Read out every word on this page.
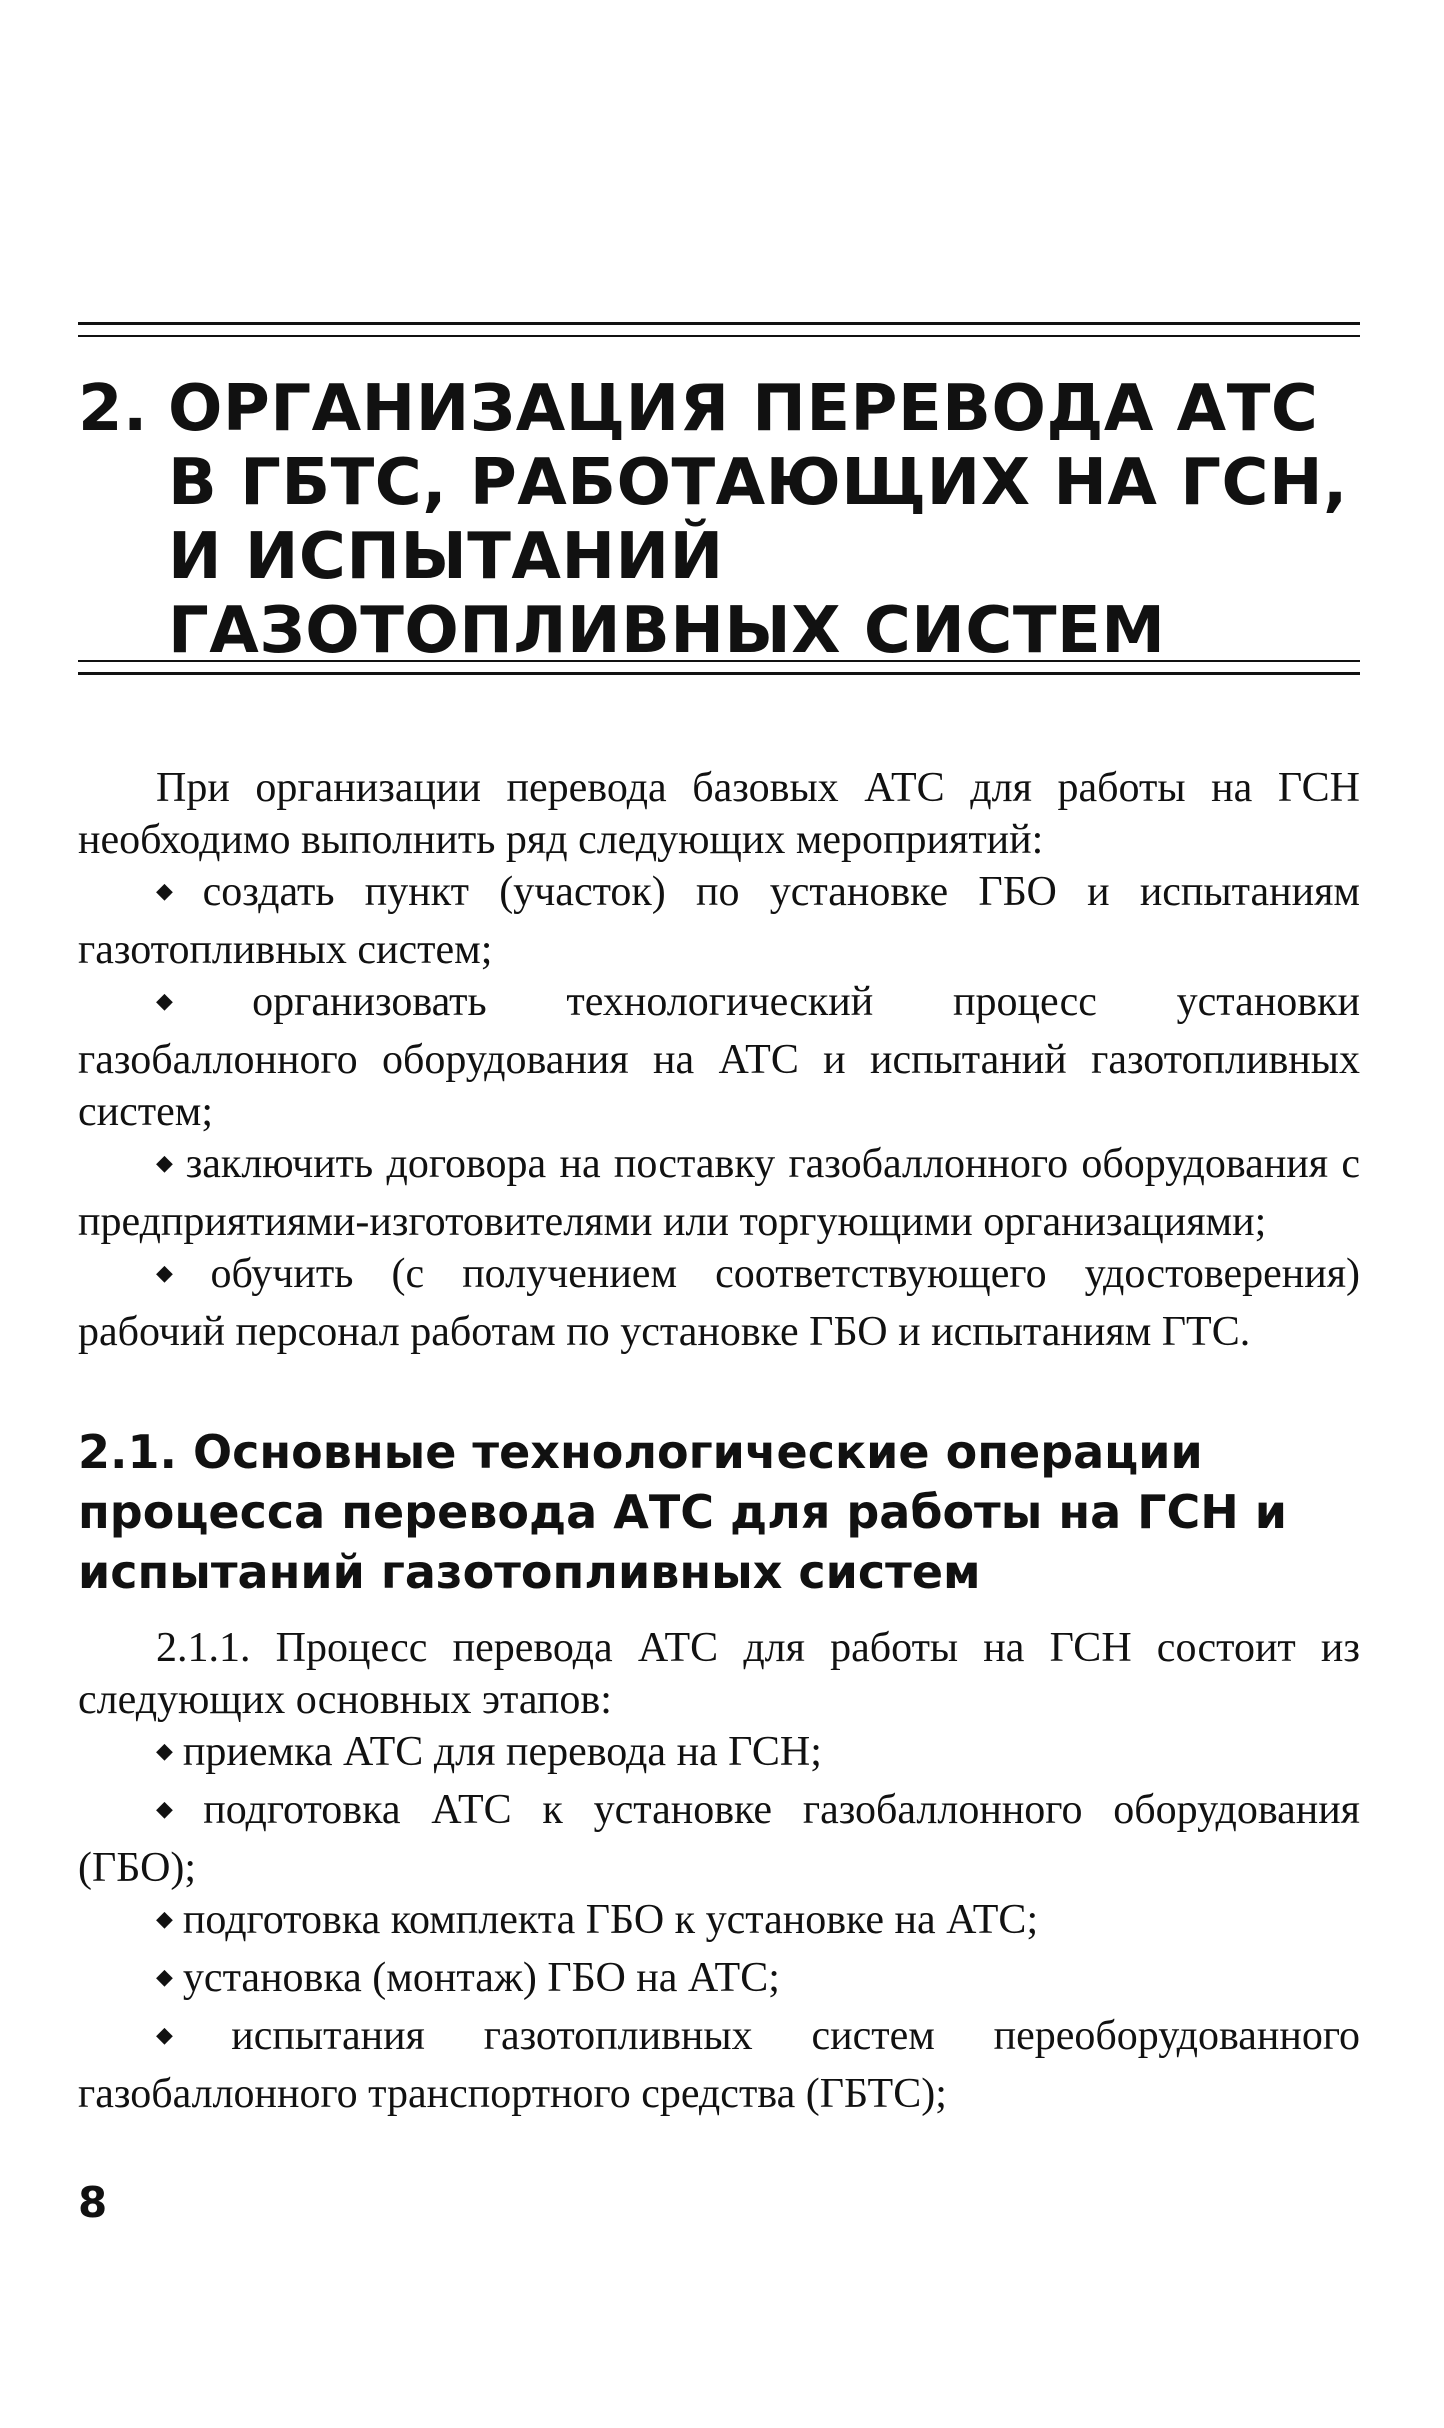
2. ОРГАНИЗАЦИЯ ПЕРЕВОДА АТС
В ГБТС, РАБОТАЮЩИХ НА ГСН,
И ИСПЫТАНИЙ
ГАЗОТОПЛИВНЫХ СИСТЕМ

При организации перевода базовых АТС для работы на ГСН необходимо выполнить ряд следующих мероприятий:

◆ создать пункт (участок) по установке ГБО и испытаниям газотопливных систем;

◆ организовать технологический процесс установки газобаллонного оборудования на АТС и испытаний газотопливных систем;

◆ заключить договора на поставку газобаллонного оборудования с предприятиями-изготовителями или торгующими организациями;

◆ обучить (с получением соответствующего удостоверения) рабочий персонал работам по установке ГБО и испытаниям ГТС.

2.1. Основные технологические операции процесса перевода АТС для работы на ГСН и испытаний газотопливных систем

2.1.1. Процесс перевода АТС для работы на ГСН состоит из следующих основных этапов:

◆ приемка АТС для перевода на ГСН;

◆ подготовка АТС к установке газобаллонного оборудования (ГБО);

◆ подготовка комплекта ГБО к установке на АТС;

◆ установка (монтаж) ГБО на АТС;

◆ испытания газотопливных систем переоборудованного газобаллонного транспортного средства (ГБТС);

8
